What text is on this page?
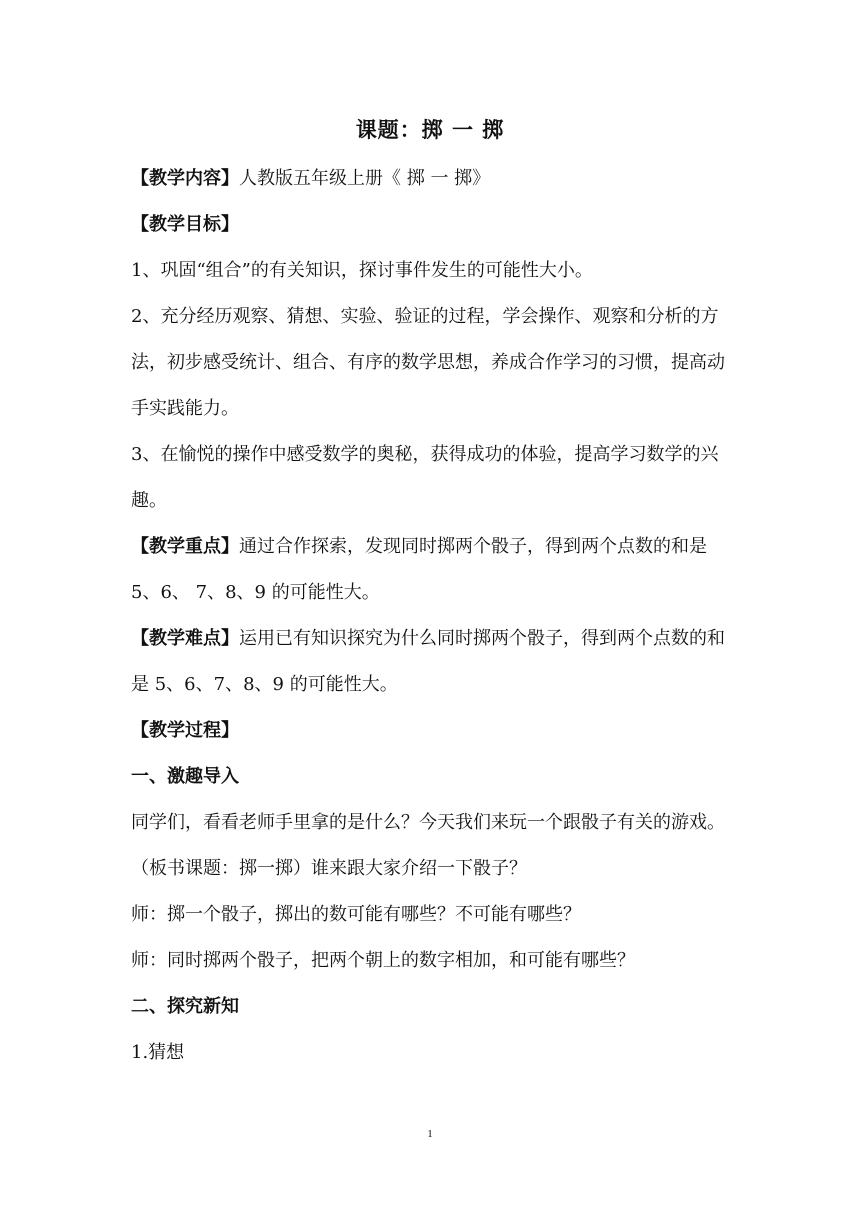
课题：掷 一 掷

【教学内容】人教版五年级上册《 掷 一 掷》

【教学目标】

1、巩固“组合”的有关知识，探讨事件发生的可能性大小。

2、充分经历观察、猜想、实验、验证的过程，学会操作、观察和分析的方法，初步感受统计、组合、有序的数学思想，养成合作学习的习惯，提高动手实践能力。

3、在愉悦的操作中感受数学的奥秘，获得成功的体验，提高学习数学的兴趣。

【教学重点】通过合作探索，发现同时掷两个骰子，得到两个点数的和是 5、6、 7、8、9 的可能性大。

【教学难点】运用已有知识探究为什么同时掷两个骰子，得到两个点数的和是 5、6、7、8、9 的可能性大。

【教学过程】

一、激趣导入

同学们，看看老师手里拿的是什么？今天我们来玩一个跟骰子有关的游戏。

（板书课题：掷一掷）谁来跟大家介绍一下骰子？

师：掷一个骰子，掷出的数可能有哪些？不可能有哪些？

师：同时掷两个骰子，把两个朝上的数字相加，和可能有哪些？

二、探究新知

1.猜想

1
